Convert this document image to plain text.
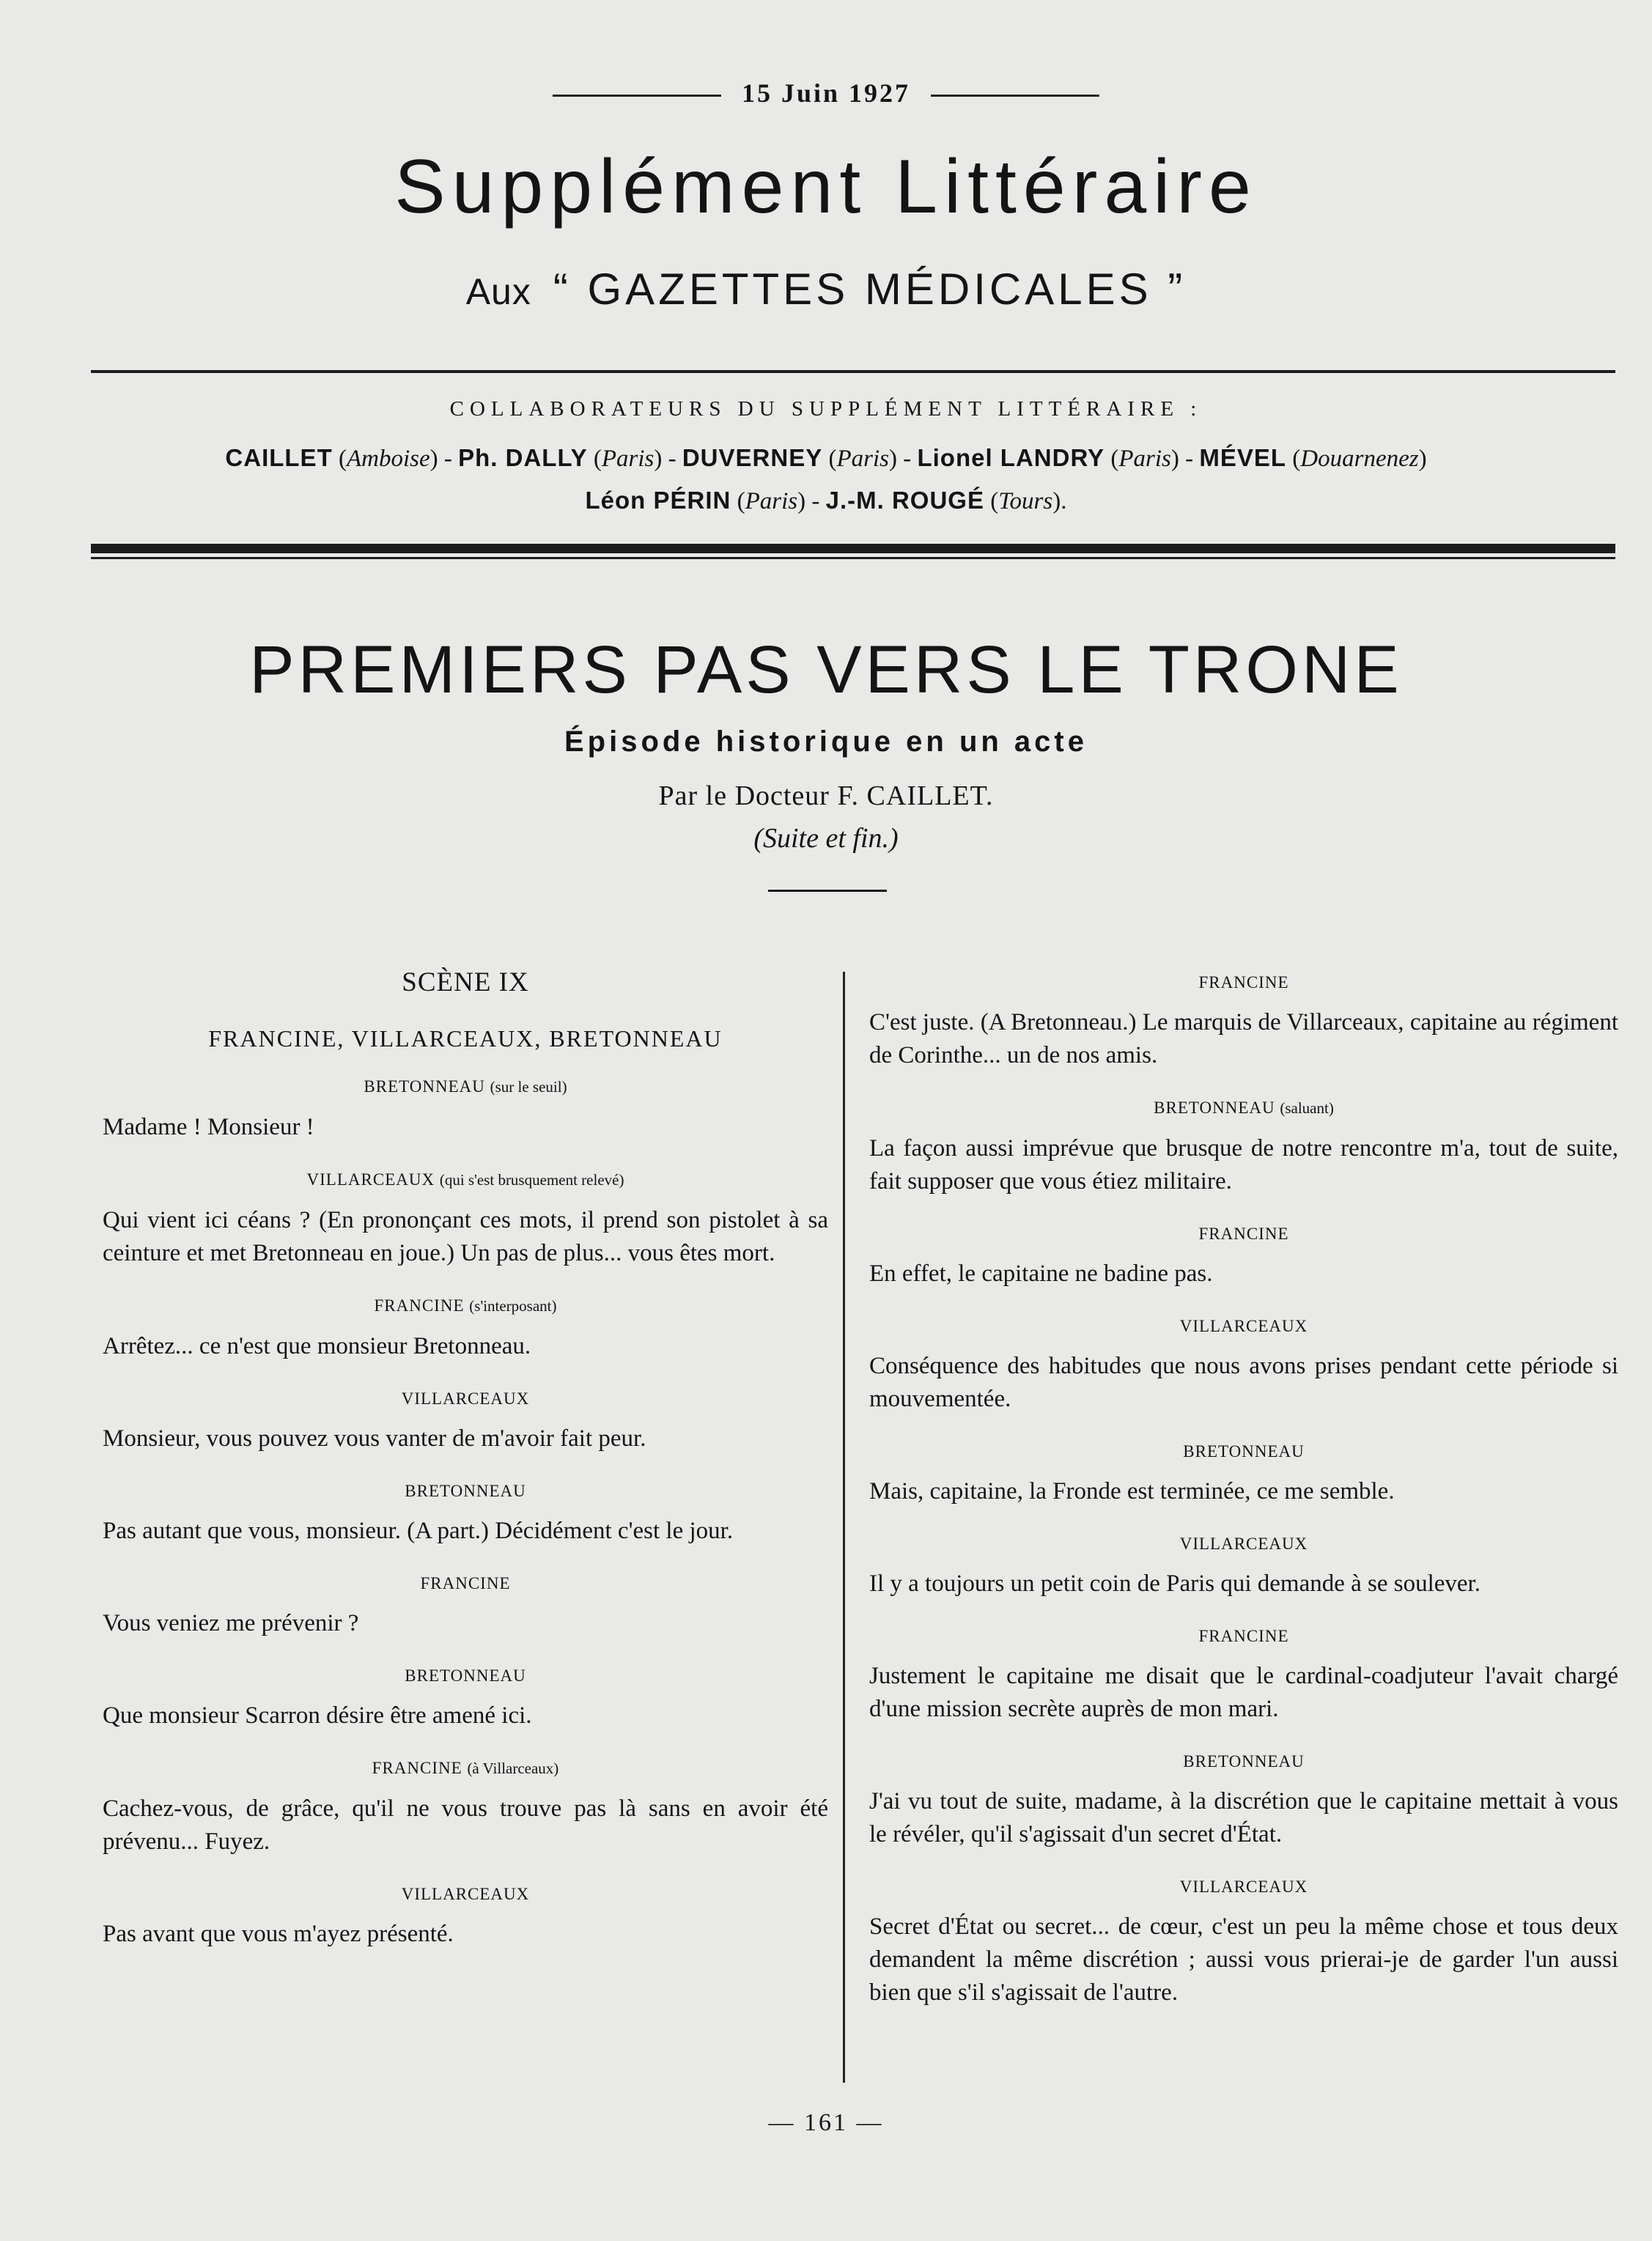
15 Juin 1927
Supplément Littéraire
Aux “ GAZETTES MÉDICALES ”
COLLABORATEURS DU SUPPLÉMENT LITTÉRAIRE :
CAILLET (Amboise) - Ph. DALLY (Paris) - DUVERNEY (Paris) - Lionel LANDRY (Paris) - MÉVEL (Douarnenez)
Léon PÉRIN (Paris) - J.-M. ROUGÉ (Tours).
PREMIERS PAS VERS LE TRONE
Épisode historique en un acte
Par le Docteur F. CAILLET.
(Suite et fin.)
SCÈNE IX
FRANCINE, VILLARCEAUX, BRETONNEAU
BRETONNEAU (sur le seuil)

Madame ! Monsieur !

VILLARCEAUX (qui s'est brusquement relevé)

Qui vient ici céans ? (En prononçant ces mots, il prend son pistolet à sa ceinture et met Bretonneau en joue.) Un pas de plus... vous êtes mort.

FRANCINE (s'interposant)

Arrêtez... ce n'est que monsieur Bretonneau.

VILLARCEAUX

Monsieur, vous pouvez vous vanter de m'avoir fait peur.

BRETONNEAU

Pas autant que vous, monsieur. (A part.) Décidément c'est le jour.

FRANCINE

Vous veniez me prévenir ?

BRETONNEAU

Que monsieur Scarron désire être amené ici.

FRANCINE (à Villarceaux)

Cachez-vous, de grâce, qu'il ne vous trouve pas là sans en avoir été prévenu... Fuyez.

VILLARCEAUX

Pas avant que vous m'ayez présenté.

FRANCINE

C'est juste. (A Bretonneau.) Le marquis de Villarceaux, capitaine au régiment de Corinthe... un de nos amis.

BRETONNEAU (saluant)

La façon aussi imprévue que brusque de notre rencontre m'a, tout de suite, fait supposer que vous étiez militaire.

FRANCINE

En effet, le capitaine ne badine pas.

VILLARCEAUX

Conséquence des habitudes que nous avons prises pendant cette période si mouvementée.

BRETONNEAU

Mais, capitaine, la Fronde est terminée, ce me semble.

VILLARCEAUX

Il y a toujours un petit coin de Paris qui demande à se soulever.

FRANCINE

Justement le capitaine me disait que le cardinal-coadjuteur l'avait chargé d'une mission secrète auprès de mon mari.

BRETONNEAU

J'ai vu tout de suite, madame, à la discrétion que le capitaine mettait à vous le révéler, qu'il s'agissait d'un secret d'État.

VILLARCEAUX

Secret d'État ou secret... de cœur, c'est un peu la même chose et tous deux demandent la même discrétion ; aussi vous prierai-je de garder l'un aussi bien que s'il s'agissait de l'autre.

— 161 —
